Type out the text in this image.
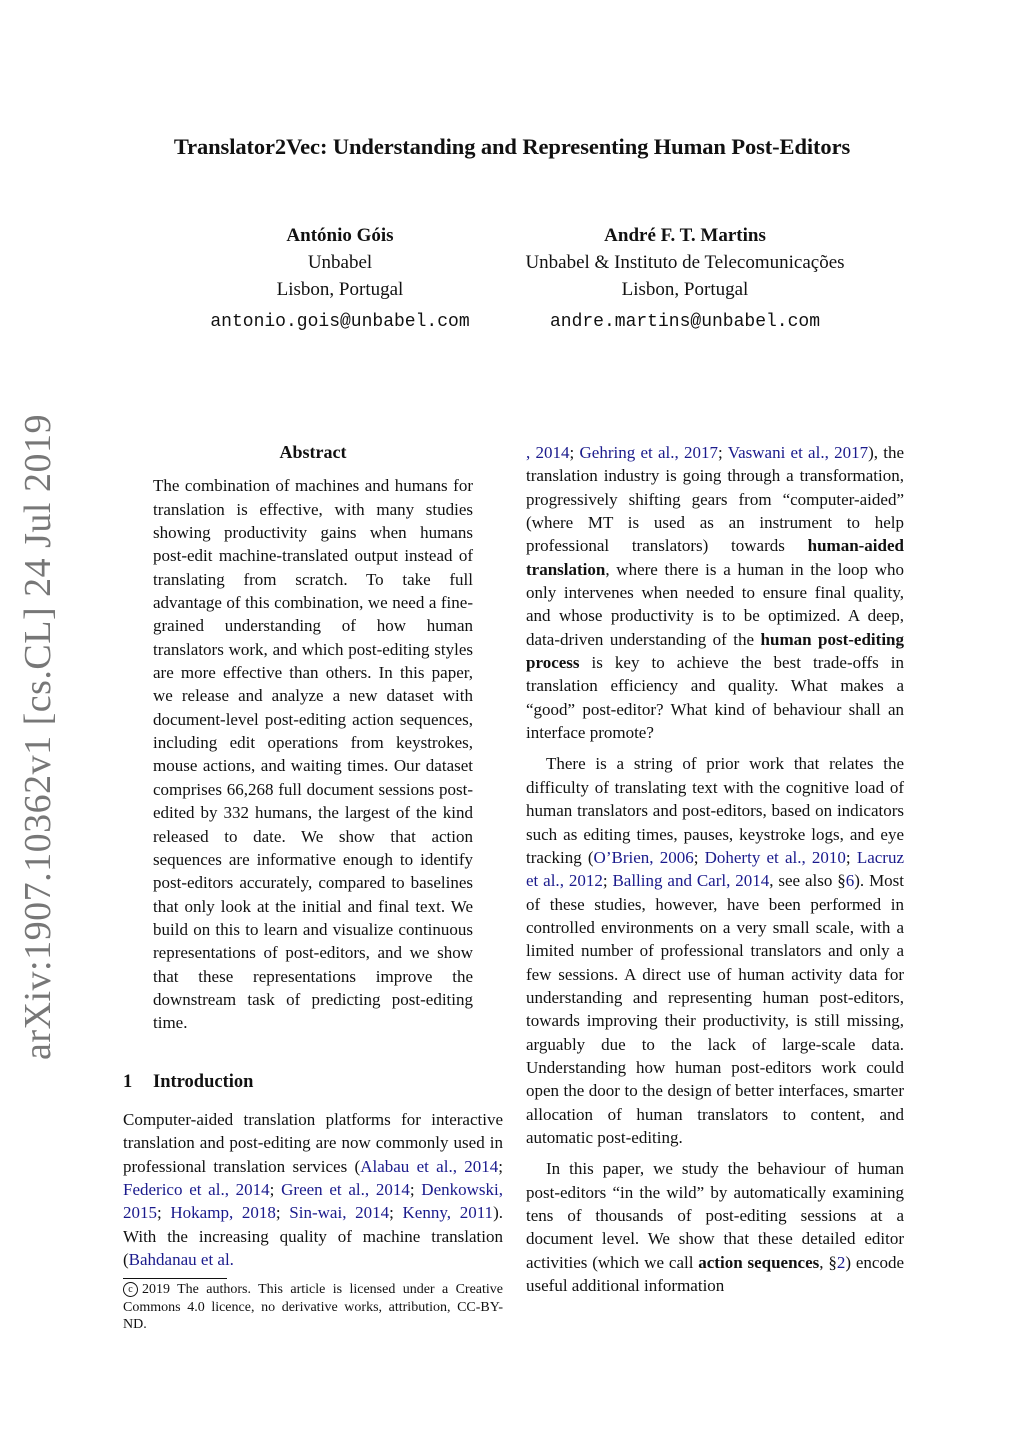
arXiv:1907.10362v1 [cs.CL] 24 Jul 2019
Translator2Vec: Understanding and Representing Human Post-Editors
António Góis
Unbabel
Lisbon, Portugal
antonio.gois@unbabel.com
André F. T. Martins
Unbabel & Instituto de Telecomunicações
Lisbon, Portugal
andre.martins@unbabel.com
Abstract

The combination of machines and humans for translation is effective, with many studies showing productivity gains when humans post-edit machine-translated output instead of translating from scratch. To take full advantage of this combination, we need a fine-grained understanding of how human translators work, and which post-editing styles are more effective than others. In this paper, we release and analyze a new dataset with document-level post-editing action sequences, including edit operations from keystrokes, mouse actions, and waiting times. Our dataset comprises 66,268 full document sessions post-edited by 332 humans, the largest of the kind released to date. We show that action sequences are informative enough to identify post-editors accurately, compared to baselines that only look at the initial and final text. We build on this to learn and visualize continuous representations of post-editors, and we show that these representations improve the downstream task of predicting post-editing time.

1 Introduction

Computer-aided translation platforms for interactive translation and post-editing are now commonly used in professional translation services (Alabau et al., 2014; Federico et al., 2014; Green et al., 2014; Denkowski, 2015; Hokamp, 2018; Sin-wai, 2014; Kenny, 2011). With the increasing quality of machine translation (Bahdanau et al.

c 2019 The authors. This article is licensed under a Creative Commons 4.0 licence, no derivative works, attribution, CC-BY-ND.

, 2014; Gehring et al., 2017; Vaswani et al., 2017), the translation industry is going through a transformation, progressively shifting gears from “computer-aided” (where MT is used as an instrument to help professional translators) towards human-aided translation, where there is a human in the loop who only intervenes when needed to ensure final quality, and whose productivity is to be optimized. A deep, data-driven understanding of the human post-editing process is key to achieve the best trade-offs in translation efficiency and quality. What makes a “good” post-editor? What kind of behaviour shall an interface promote?

There is a string of prior work that relates the difficulty of translating text with the cognitive load of human translators and post-editors, based on indicators such as editing times, pauses, keystroke logs, and eye tracking (O’Brien, 2006; Doherty et al., 2010; Lacruz et al., 2012; Balling and Carl, 2014, see also §6). Most of these studies, however, have been performed in controlled environments on a very small scale, with a limited number of professional translators and only a few sessions. A direct use of human activity data for understanding and representing human post-editors, towards improving their productivity, is still missing, arguably due to the lack of large-scale data. Understanding how human post-editors work could open the door to the design of better interfaces, smarter allocation of human translators to content, and automatic post-editing.

In this paper, we study the behaviour of human post-editors “in the wild” by automatically examining tens of thousands of post-editing sessions at a document level. We show that these detailed editor activities (which we call action sequences, §2) encode useful additional information
